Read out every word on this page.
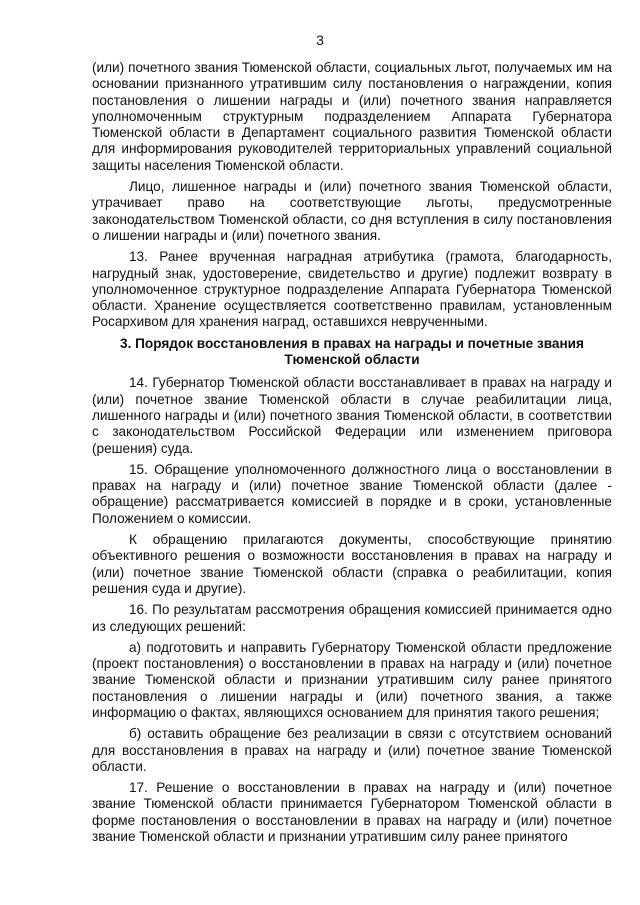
3

(или) почетного звания Тюменской области, социальных льгот, получаемых им на основании признанного утратившим силу постановления о награждении, копия постановления о лишении награды и (или) почетного звания направляется уполномоченным структурным подразделением Аппарата Губернатора Тюменской области в Департамент социального развития Тюменской области для информирования руководителей территориальных управлений социальной защиты населения Тюменской области.

Лицо, лишенное награды и (или) почетного звания Тюменской области, утрачивает право на соответствующие льготы, предусмотренные законодательством Тюменской области, со дня вступления в силу постановления о лишении награды и (или) почетного звания.

13. Ранее врученная наградная атрибутика (грамота, благодарность, нагрудный знак, удостоверение, свидетельство и другие) подлежит возврату в уполномоченное структурное подразделение Аппарата Губернатора Тюменской области. Хранение осуществляется соответственно правилам, установленным Росархивом для хранения наград, оставшихся неврученными.

3. Порядок восстановления в правах на награды и почетные звания Тюменской области

14. Губернатор Тюменской области восстанавливает в правах на награду и (или) почетное звание Тюменской области в случае реабилитации лица, лишенного награды и (или) почетного звания Тюменской области, в соответствии с законодательством Российской Федерации или изменением приговора (решения) суда.

15. Обращение уполномоченного должностного лица о восстановлении в правах на награду и (или) почетное звание Тюменской области (далее - обращение) рассматривается комиссией в порядке и в сроки, установленные Положением о комиссии.

К обращению прилагаются документы, способствующие принятию объективного решения о возможности восстановления в правах на награду и (или) почетное звание Тюменской области (справка о реабилитации, копия решения суда и другие).

16. По результатам рассмотрения обращения комиссией принимается одно из следующих решений:

а) подготовить и направить Губернатору Тюменской области предложение (проект постановления) о восстановлении в правах на награду и (или) почетное звание Тюменской области и признании утратившим силу ранее принятого постановления о лишении награды и (или) почетного звания, а также информацию о фактах, являющихся основанием для принятия такого решения;

б) оставить обращение без реализации в связи с отсутствием оснований для восстановления в правах на награду и (или) почетное звание Тюменской области.

17. Решение о восстановлении в правах на награду и (или) почетное звание Тюменской области принимается Губернатором Тюменской области в форме постановления о восстановлении в правах на награду и (или) почетное звание Тюменской области и признании утратившим силу ранее принятого
